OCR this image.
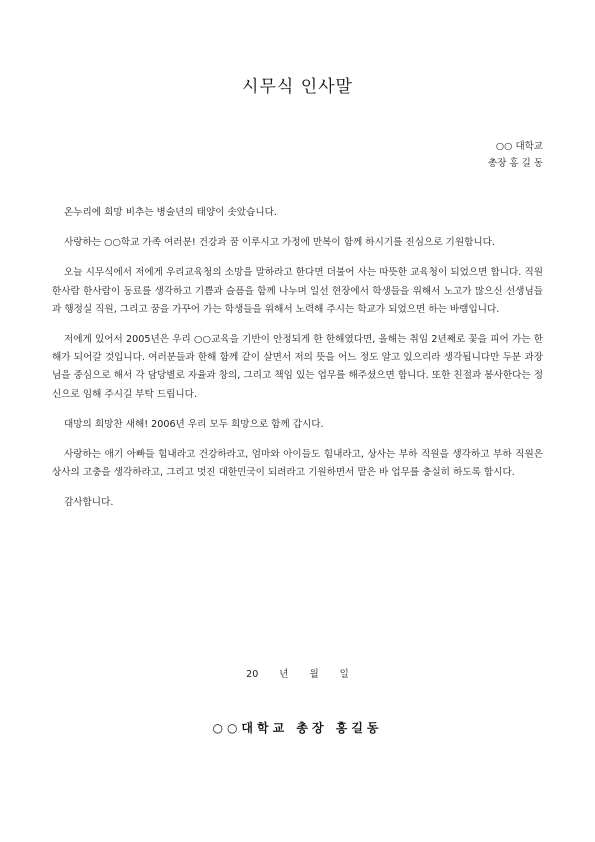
시무식 인사말
○○ 대학교
총장 홍 길 동

온누리에 희망 비추는 병술년의 태양이 솟았습니다.

사랑하는 ○○학교 가족 여러분! 건강과 꿈 이루시고 가정에 만복이 함께 하시기를 진심으로 기원합니다.

오늘 시무식에서 저에게 우리교육청의 소망을 말하라고 한다면 더불어 사는 따뜻한 교육청이 되었으면 합니다. 직원 한사람 한사람이 동료를 생각하고 기쁨과 슬픔을 함께 나누며 일선 현장에서 학생들을 위해서 노고가 많으신 선생님들과 행정실 직원, 그리고 꿈을 가꾸어 가는 학생들을 위해서 노력해 주시는 학교가 되었으면 하는 바램입니다.

저에게 있어서 2005년은 우리 ○○교육을 기반이 안정되게 한 한해였다면, 올해는 취임 2년째로 꽃을 피어 가는 한해가 되어갈 것입니다. 여러분들과 한해 함께 같이 살면서 저의 뜻을 어느 정도 알고 있으리라 생각됩니다만 두분 과장님을 중심으로 해서 각 담당별로 자율과 창의, 그리고 책임 있는 업무를 해주셨으면 합니다. 또한 친절과 봉사한다는 정신으로 임해 주시길 부탁 드립니다.

대망의 희망찬 새해! 2006년 우리 모두 희망으로 함께 갑시다.

사랑하는 애기 아빠들 힘내라고 건강하라고, 엄마와 아이들도 힘내라고, 상사는 부하 직원을 생각하고 부하 직원은 상사의 고충을 생각하라고, 그리고 멋진 대한민국이 되려라고 기원하면서 맡은 바 업무를 충실히 하도록 합시다.

감사합니다.

20 년 월 일
○○대학교 총장 홍길동
